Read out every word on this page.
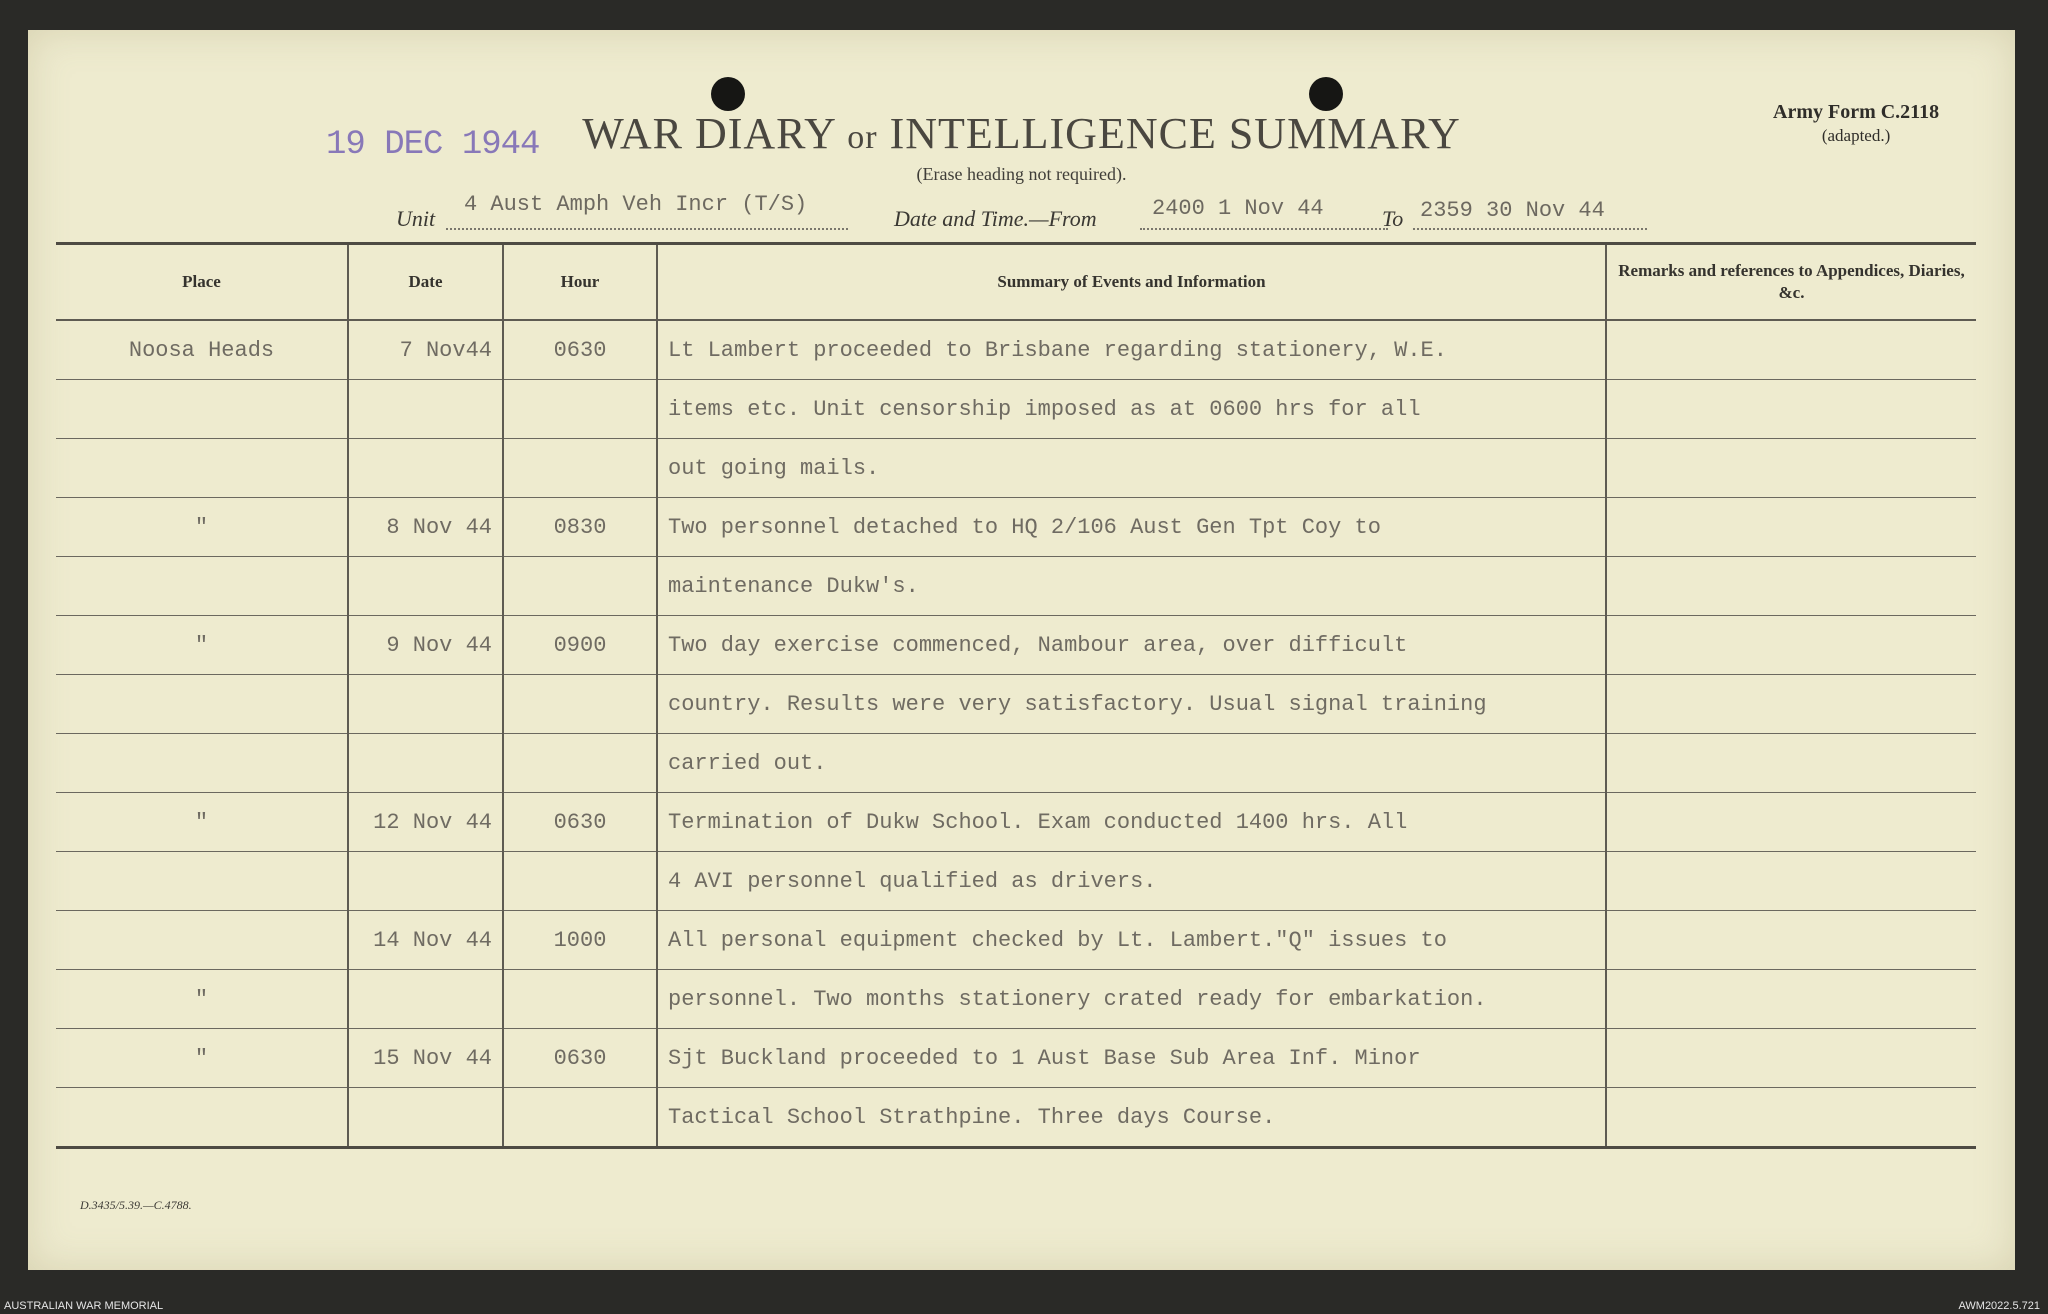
19 DEC 1944 WAR DIARY or INTELLIGENCE SUMMARY
(Erase heading not required).
Army Form C.2118
(adapted.)
Unit
4 Aust Amph Veh Incr (T/S)
Date and Time.—From	2400 1 Nov 44	To 2359 30 Nov 44
Place	Date	Hour	Summary of Events and Information	Remarks and references to Appendices, Diaries, &c.
Noosa Heads	7 Nov44	0630	Lt Lambert proceeded to Brisbane regarding stationery, W.E.	
			items etc. Unit censorship imposed as at 0600 hrs for all	
			out going mails.	
"	8 Nov 44	0830	Two personnel detached to HQ 2/106 Aust Gen Tpt Coy to	
			maintenance Dukw's.	
"	9 Nov 44	0900	Two day exercise commenced, Nambour area, over difficult	
			country. Results were very satisfactory. Usual signal training	
			carried out.	
"	12 Nov 44	0630	Termination of Dukw School. Exam conducted 1400 hrs. All	
			4 AVI personnel qualified as drivers.	
	14 Nov 44	1000	All personal equipment checked by Lt. Lambert."Q" issues to	
"			personnel. Two months stationery crated ready for embarkation.	
"	15 Nov 44	0630	Sjt Buckland proceeded to 1 Aust Base Sub Area Inf. Minor	
			Tactical School Strathpine. Three days Course.	
D.3435/5.39.—C.4788.
AUSTRALIAN WAR MEMORIAL	AWM2022.5.721
